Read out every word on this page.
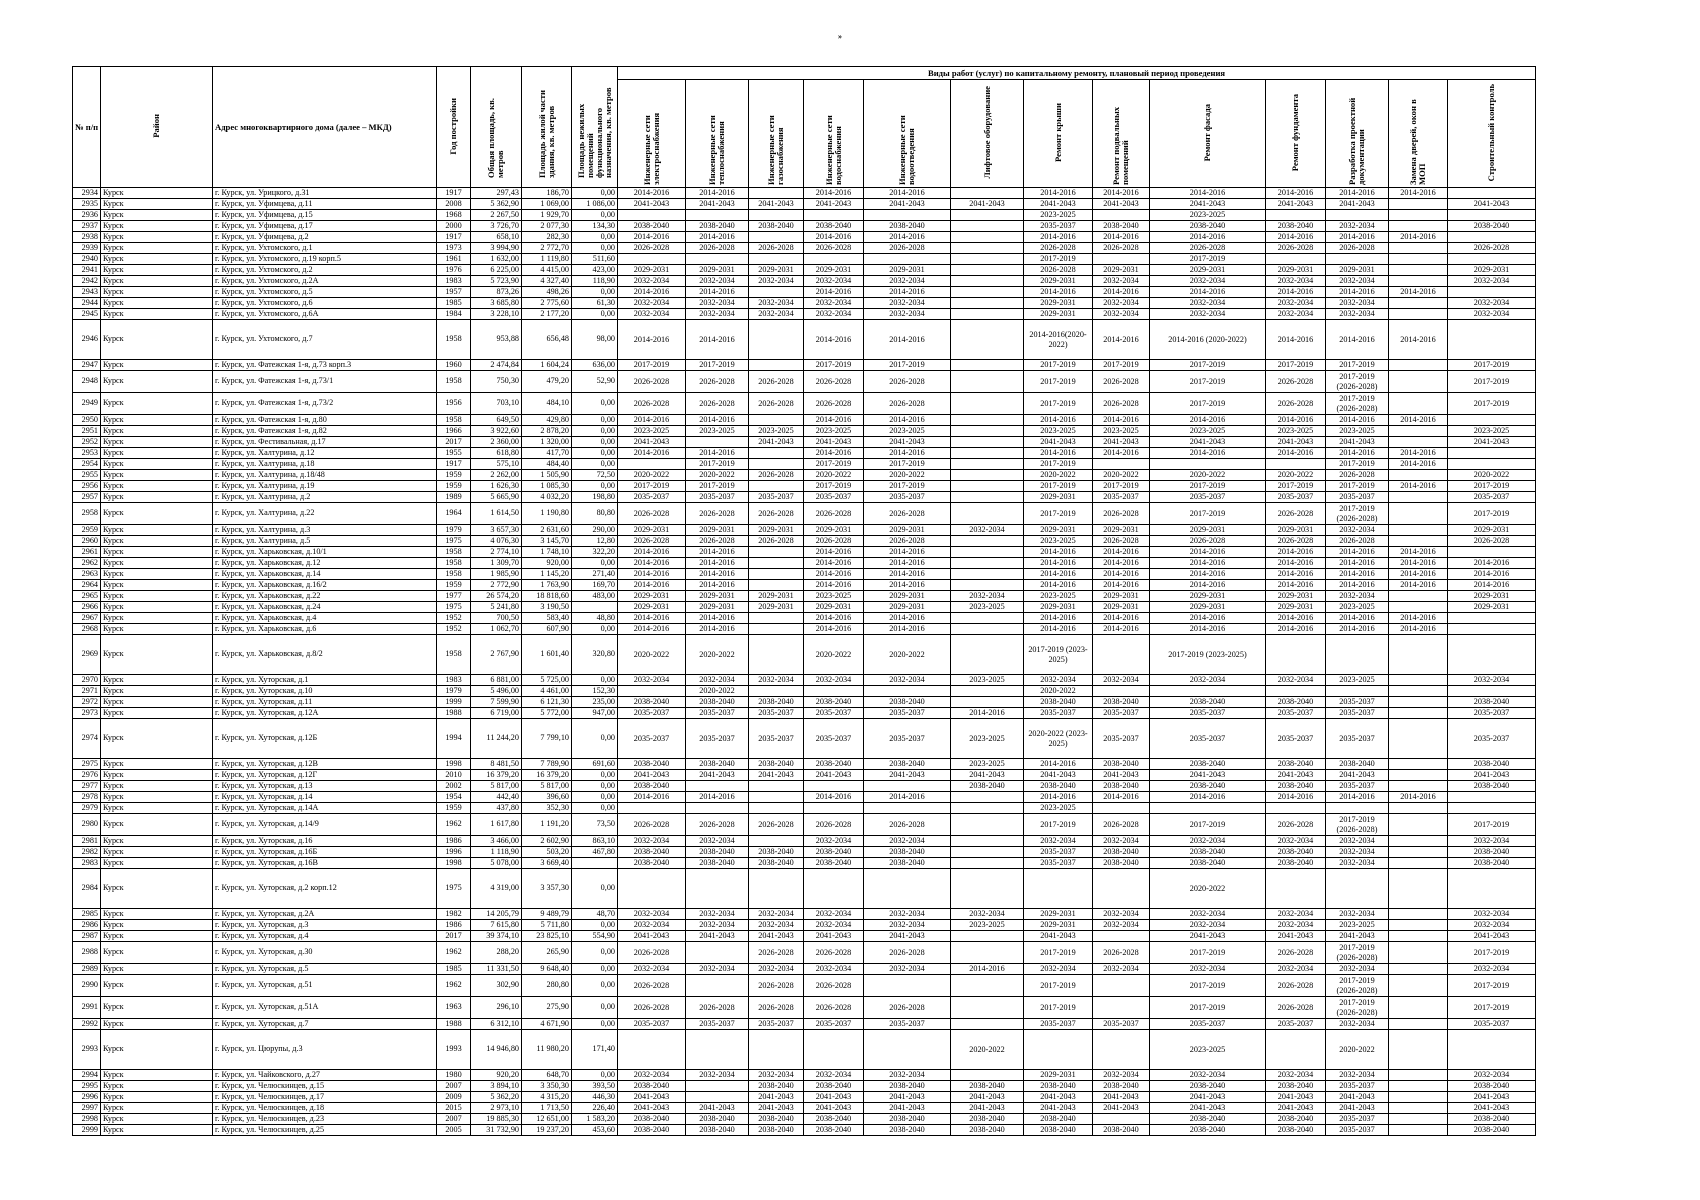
»
№ п/п	Район	Адрес многоквартирного дома (далее – МКД)	Год постройки	Общая площадь, кв. метров	Площадь жилой части здания, кв. метров	Площадь нежилых помещений функционального назначения, кв. метров	Виды работ (услуг) по капитальному ремонту, плановый период проведения												
							Инженерные сети электроснабжения	Инженерные сети теплоснабжения	Инженерные сети газоснабжения	Инженерные сети водоснабжения	Инженерные сети водоотведения	Лифтовое оборудование	Ремонт крыши	Ремонт подвальных помещений	Ремонт фасада	Ремонт фундамента	Разработка проектной документации	Замена дверей, окон в МОП	Строительный контроль
2934	Курск	г. Курск, ул. Урицкого, д.31	1917	297,43	186,70	0,00	2014-2016	2014-2016		2014-2016	2014-2016		2014-2016	2014-2016	2014-2016	2014-2016	2014-2016	2014-2016	
2935	Курск	г. Курск, ул. Уфимцева, д.11	2008	5 362,90	1 069,00	1 086,00	2041-2043	2041-2043	2041-2043	2041-2043	2041-2043	2041-2043	2041-2043	2041-2043	2041-2043	2041-2043	2041-2043		2041-2043
2936	Курск	г. Курск, ул. Уфимцева, д.15	1968	2 267,50	1 929,70	0,00							2023-2025		2023-2025				
2937	Курск	г. Курск, ул. Уфимцева, д.17	2000	3 726,70	2 077,30	134,30	2038-2040	2038-2040	2038-2040	2038-2040	2038-2040		2035-2037	2038-2040	2038-2040	2038-2040	2032-2034		2038-2040
2938	Курск	г. Курск, ул. Уфимцева, д.2	1917	658,10	282,30	0,00	2014-2016	2014-2016		2014-2016	2014-2016		2014-2016	2014-2016	2014-2016	2014-2016	2014-2016	2014-2016	
2939	Курск	г. Курск, ул. Ухтомского, д.1	1973	3 994,90	2 772,70	0,00	2026-2028	2026-2028	2026-2028	2026-2028	2026-2028		2026-2028	2026-2028	2026-2028	2026-2028	2026-2028		2026-2028
2940	Курск	г. Курск, ул. Ухтомского, д.19 корп.5	1961	1 632,00	1 119,80	511,60							2017-2019		2017-2019				
2941	Курск	г. Курск, ул. Ухтомского, д.2	1976	6 225,00	4 415,00	423,00	2029-2031	2029-2031	2029-2031	2029-2031	2029-2031		2026-2028	2029-2031	2029-2031	2029-2031	2029-2031		2029-2031
2942	Курск	г. Курск, ул. Ухтомского, д.2А	1983	5 723,90	4 327,40	118,90	2032-2034	2032-2034	2032-2034	2032-2034	2032-2034		2029-2031	2032-2034	2032-2034	2032-2034	2032-2034		2032-2034
2943	Курск	г. Курск, ул. Ухтомского, д.5	1957	873,26	498,26	0,00	2014-2016	2014-2016		2014-2016	2014-2016		2014-2016	2014-2016	2014-2016	2014-2016	2014-2016	2014-2016	
2944	Курск	г. Курск, ул. Ухтомского, д.6	1985	3 685,80	2 775,60	61,30	2032-2034	2032-2034	2032-2034	2032-2034	2032-2034		2029-2031	2032-2034	2032-2034	2032-2034	2032-2034		2032-2034
2945	Курск	г. Курск, ул. Ухтомского, д.6А	1984	3 228,10	2 177,20	0,00	2032-2034	2032-2034	2032-2034	2032-2034	2032-2034		2029-2031	2032-2034	2032-2034	2032-2034	2032-2034		2032-2034
2946	Курск	г. Курск, ул. Ухтомского, д.7	1958	953,88	656,48	98,00	2014-2016	2014-2016		2014-2016	2014-2016		2014-2016(2020-2022)	2014-2016	2014-2016 (2020-2022)	2014-2016	2014-2016	2014-2016	
2947	Курск	г. Курск, ул. Фатежская 1-я, д.73 корп.3	1960	2 474,84	1 604,24	636,00	2017-2019	2017-2019		2017-2019	2017-2019		2017-2019	2017-2019	2017-2019	2017-2019	2017-2019		2017-2019
2948	Курск	г. Курск, ул. Фатежская 1-я, д.73/1	1958	750,30	479,20	52,90	2026-2028	2026-2028	2026-2028	2026-2028	2026-2028		2017-2019	2026-2028	2017-2019	2026-2028	2017-2019 (2026-2028)		2017-2019
2949	Курск	г. Курск, ул. Фатежская 1-я, д.73/2	1956	703,10	484,10	0,00	2026-2028	2026-2028	2026-2028	2026-2028	2026-2028		2017-2019	2026-2028	2017-2019	2026-2028	2017-2019 (2026-2028)		2017-2019
2950	Курск	г. Курск, ул. Фатежская 1-я, д.80	1958	649,50	429,80	0,00	2014-2016	2014-2016		2014-2016	2014-2016		2014-2016	2014-2016	2014-2016	2014-2016	2014-2016	2014-2016	
2951	Курск	г. Курск, ул. Фатежская 1-я, д.82	1966	3 922,60	2 878,20	0,00	2023-2025	2023-2025	2023-2025	2023-2025	2023-2025		2023-2025	2023-2025	2023-2025	2023-2025	2023-2025		2023-2025
2952	Курск	г. Курск, ул. Фестивальная, д.17	2017	2 360,00	1 320,00	0,00	2041-2043		2041-2043	2041-2043	2041-2043		2041-2043	2041-2043	2041-2043	2041-2043	2041-2043		2041-2043
2953	Курск	г. Курск, ул. Халтурина, д.12	1955	618,80	417,70	0,00	2014-2016	2014-2016		2014-2016	2014-2016		2014-2016	2014-2016	2014-2016	2014-2016	2014-2016	2014-2016	
2954	Курск	г. Курск, ул. Халтурина, д.18	1917	575,10	484,40	0,00		2017-2019		2017-2019	2017-2019		2017-2019				2017-2019	2014-2016	
2955	Курск	г. Курск, ул. Халтурина, д.18/48	1959	2 262,00	1 505,90	72,50	2020-2022	2020-2022	2026-2028	2020-2022	2020-2022		2020-2022	2020-2022	2020-2022	2020-2022	2026-2028		2020-2022
2956	Курск	г. Курск, ул. Халтурина, д.19	1959	1 626,30	1 085,30	0,00	2017-2019	2017-2019		2017-2019	2017-2019		2017-2019	2017-2019	2017-2019	2017-2019	2017-2019	2014-2016	2017-2019
2957	Курск	г. Курск, ул. Халтурина, д.2	1989	5 665,90	4 032,20	198,80	2035-2037	2035-2037	2035-2037	2035-2037	2035-2037		2029-2031	2035-2037	2035-2037	2035-2037	2035-2037		2035-2037
2958	Курск	г. Курск, ул. Халтурина, д.22	1964	1 614,50	1 190,80	80,80	2026-2028	2026-2028	2026-2028	2026-2028	2026-2028		2017-2019	2026-2028	2017-2019	2026-2028	2017-2019 (2026-2028)		2017-2019
2959	Курск	г. Курск, ул. Халтурина, д.3	1979	3 657,30	2 631,60	290,00	2029-2031	2029-2031	2029-2031	2029-2031	2029-2031	2032-2034	2029-2031	2029-2031	2029-2031	2029-2031	2032-2034		2029-2031
2960	Курск	г. Курск, ул. Халтурина, д.5	1975	4 076,30	3 145,70	12,80	2026-2028	2026-2028	2026-2028	2026-2028	2026-2028		2023-2025	2026-2028	2026-2028	2026-2028	2026-2028		2026-2028
2961	Курск	г. Курск, ул. Харьковская, д.10/1	1958	2 774,10	1 748,10	322,20	2014-2016	2014-2016		2014-2016	2014-2016		2014-2016	2014-2016	2014-2016	2014-2016	2014-2016	2014-2016	
2962	Курск	г. Курск, ул. Харьковская, д.12	1958	1 309,70	920,00	0,00	2014-2016	2014-2016		2014-2016	2014-2016		2014-2016	2014-2016	2014-2016	2014-2016	2014-2016	2014-2016	2014-2016
2963	Курск	г. Курск, ул. Харьковская, д.14	1958	1 985,90	1 145,20	271,40	2014-2016	2014-2016		2014-2016	2014-2016		2014-2016	2014-2016	2014-2016	2014-2016	2014-2016	2014-2016	2014-2016
2964	Курск	г. Курск, ул. Харьковская, д.16/2	1959	2 772,90	1 763,90	169,70	2014-2016	2014-2016		2014-2016	2014-2016		2014-2016	2014-2016	2014-2016	2014-2016	2014-2016	2014-2016	2014-2016
2965	Курск	г. Курск, ул. Харьковская, д.22	1977	26 574,20	18 818,60	483,00	2029-2031	2029-2031	2029-2031	2023-2025	2029-2031	2032-2034	2023-2025	2029-2031	2029-2031	2029-2031	2032-2034		2029-2031
2966	Курск	г. Курск, ул. Харьковская, д.24	1975	5 241,80	3 190,50		2029-2031	2029-2031	2029-2031	2029-2031	2029-2031	2023-2025	2029-2031	2029-2031	2029-2031	2029-2031	2023-2025		2029-2031
2967	Курск	г. Курск, ул. Харьковская, д.4	1952	700,50	583,40	48,80	2014-2016	2014-2016		2014-2016	2014-2016		2014-2016	2014-2016	2014-2016	2014-2016	2014-2016	2014-2016	
2968	Курск	г. Курск, ул. Харьковская, д.6	1952	1 062,70	607,90	0,00	2014-2016	2014-2016		2014-2016	2014-2016		2014-2016	2014-2016	2014-2016	2014-2016	2014-2016	2014-2016	
2969	Курск	г. Курск, ул. Харьковская, д.8/2	1958	2 767,90	1 601,40	320,80	2020-2022	2020-2022		2020-2022	2020-2022		2017-2019 (2023-2025)		2017-2019 (2023-2025)				
2970	Курск	г. Курск, ул. Хуторская, д.1	1983	6 881,00	5 725,00	0,00	2032-2034	2032-2034	2032-2034	2032-2034	2032-2034	2023-2025	2032-2034	2032-2034	2032-2034	2032-2034	2023-2025		2032-2034
2971	Курск	г. Курск, ул. Хуторская, д.10	1979	5 496,00	4 461,00	152,30		2020-2022					2020-2022						
2972	Курск	г. Курск, ул. Хуторская, д.11	1999	7 599,90	6 121,30	235,00	2038-2040	2038-2040	2038-2040	2038-2040	2038-2040		2038-2040	2038-2040	2038-2040	2038-2040	2035-2037		2038-2040
2973	Курск	г. Курск, ул. Хуторская, д.12А	1988	6 719,00	5 772,00	947,00	2035-2037	2035-2037	2035-2037	2035-2037	2035-2037	2014-2016	2035-2037	2035-2037	2035-2037	2035-2037	2035-2037		2035-2037
2974	Курск	г. Курск, ул. Хуторская, д.12Б	1994	11 244,20	7 799,10	0,00	2035-2037	2035-2037	2035-2037	2035-2037	2035-2037	2023-2025	2020-2022 (2023-2025)	2035-2037	2035-2037	2035-2037	2035-2037		2035-2037
2975	Курск	г. Курск, ул. Хуторская, д.12В	1998	8 481,50	7 789,90	691,60	2038-2040	2038-2040	2038-2040	2038-2040	2038-2040	2023-2025	2014-2016	2038-2040	2038-2040	2038-2040	2038-2040		2038-2040
2976	Курск	г. Курск, ул. Хуторская, д.12Г	2010	16 379,20	16 379,20	0,00	2041-2043	2041-2043	2041-2043	2041-2043	2041-2043	2041-2043	2041-2043	2041-2043	2041-2043	2041-2043	2041-2043		2041-2043
2977	Курск	г. Курск, ул. Хуторская, д.13	2002	5 817,00	5 817,00	0,00	2038-2040					2038-2040	2038-2040	2038-2040	2038-2040	2038-2040	2035-2037		2038-2040
2978	Курск	г. Курск, ул. Хуторская, д.14	1954	442,40	396,60	0,00	2014-2016	2014-2016		2014-2016	2014-2016		2014-2016	2014-2016	2014-2016	2014-2016	2014-2016	2014-2016	
2979	Курск	г. Курск, ул. Хуторская, д.14А	1959	437,80	352,30	0,00							2023-2025						
2980	Курск	г. Курск, ул. Хуторская, д.14/9	1962	1 617,80	1 191,20	73,50	2026-2028	2026-2028	2026-2028	2026-2028	2026-2028		2017-2019	2026-2028	2017-2019	2026-2028	2017-2019 (2026-2028)		2017-2019
2981	Курск	г. Курск, ул. Хуторская, д.16	1986	3 466,00	2 602,90	863,10	2032-2034	2032-2034		2032-2034	2032-2034		2032-2034	2032-2034	2032-2034	2032-2034	2032-2034		2032-2034
2982	Курск	г. Курск, ул. Хуторская, д.16Б	1996	1 118,90	503,20	467,80	2038-2040	2038-2040	2038-2040	2038-2040	2038-2040		2035-2037	2038-2040	2038-2040	2038-2040	2032-2034		2038-2040
2983	Курск	г. Курск, ул. Хуторская, д.16В	1998	5 078,00	3 669,40		2038-2040	2038-2040	2038-2040	2038-2040	2038-2040		2035-2037	2038-2040	2038-2040	2038-2040	2032-2034		2038-2040
2984	Курск	г. Курск, ул. Хуторская, д.2 корп.12	1975	4 319,00	3 357,30	0,00									2020-2022				
2985	Курск	г. Курск, ул. Хуторская, д.2А	1982	14 205,79	9 489,79	48,70	2032-2034	2032-2034	2032-2034	2032-2034	2032-2034	2032-2034	2029-2031	2032-2034	2032-2034	2032-2034	2032-2034		2032-2034
2986	Курск	г. Курск, ул. Хуторская, д.3	1986	7 615,80	5 711,80	0,00	2032-2034	2032-2034	2032-2034	2032-2034	2032-2034	2023-2025	2029-2031	2032-2034	2032-2034	2032-2034	2023-2025		2032-2034
2987	Курск	г. Курск, ул. Хуторская, д.4	2017	39 374,10	23 825,10	554,90	2041-2043	2041-2043	2041-2043	2041-2043	2041-2043		2041-2043		2041-2043	2041-2043	2041-2043		2041-2043
2988	Курск	г. Курск, ул. Хуторская, д.30	1962	288,20	265,90	0,00	2026-2028		2026-2028	2026-2028	2026-2028		2017-2019	2026-2028	2017-2019	2026-2028	2017-2019 (2026-2028)		2017-2019
2989	Курск	г. Курск, ул. Хуторская, д.5	1985	11 331,50	9 648,40	0,00	2032-2034	2032-2034	2032-2034	2032-2034	2032-2034	2014-2016	2032-2034	2032-2034	2032-2034	2032-2034	2032-2034		2032-2034
2990	Курск	г. Курск, ул. Хуторская, д.51	1962	302,90	280,80	0,00	2026-2028		2026-2028	2026-2028			2017-2019		2017-2019	2026-2028	2017-2019 (2026-2028)		2017-2019
2991	Курск	г. Курск, ул. Хуторская, д.51А	1963	296,10	275,90	0,00	2026-2028	2026-2028	2026-2028	2026-2028	2026-2028		2017-2019		2017-2019	2026-2028	2017-2019 (2026-2028)		2017-2019
2992	Курск	г. Курск, ул. Хуторская, д.7	1988	6 312,10	4 671,90	0,00	2035-2037	2035-2037	2035-2037	2035-2037	2035-2037		2035-2037	2035-2037	2035-2037	2035-2037	2032-2034		2035-2037
2993	Курск	г. Курск, ул. Цюрупы, д.3	1993	14 946,80	11 980,20	171,40						2020-2022			2023-2025		2020-2022		
2994	Курск	г. Курск, ул. Чайковского, д.27	1980	920,20	648,70	0,00	2032-2034	2032-2034	2032-2034	2032-2034	2032-2034		2029-2031	2032-2034	2032-2034	2032-2034	2032-2034		2032-2034
2995	Курск	г. Курск, ул. Челюскинцев, д.15	2007	3 894,10	3 350,30	393,50	2038-2040		2038-2040	2038-2040	2038-2040	2038-2040	2038-2040	2038-2040	2038-2040	2038-2040	2035-2037		2038-2040
2996	Курск	г. Курск, ул. Челюскинцев, д.17	2009	5 362,20	4 315,20	446,30	2041-2043		2041-2043	2041-2043	2041-2043	2041-2043	2041-2043	2041-2043	2041-2043	2041-2043	2041-2043		2041-2043
2997	Курск	г. Курск, ул. Челюскинцев, д.18	2015	2 973,10	1 713,50	226,40	2041-2043	2041-2043	2041-2043	2041-2043	2041-2043	2041-2043	2041-2043	2041-2043	2041-2043	2041-2043	2041-2043		2041-2043
2998	Курск	г. Курск, ул. Челюскинцев, д.23	2007	19 885,30	12 651,00	1 583,20	2038-2040	2038-2040	2038-2040	2038-2040	2038-2040	2038-2040	2038-2040		2038-2040	2038-2040	2035-2037		2038-2040
2999	Курск	г. Курск, ул. Челюскинцев, д.25	2005	31 732,90	19 237,20	453,60	2038-2040	2038-2040	2038-2040	2038-2040	2038-2040	2038-2040	2038-2040	2038-2040	2038-2040	2038-2040	2035-2037		2038-2040
